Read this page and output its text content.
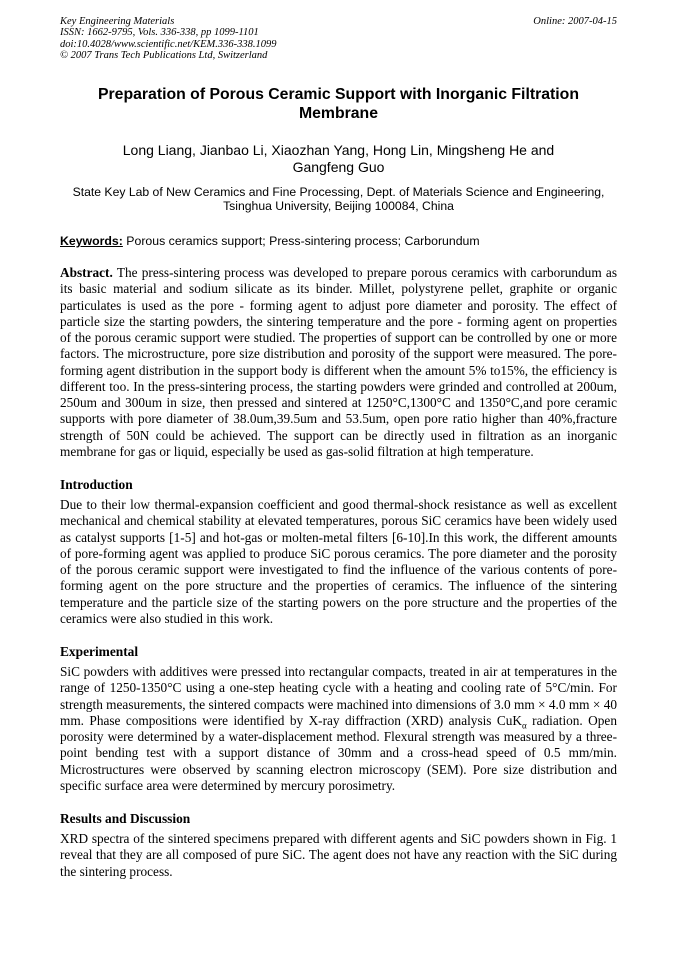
Key Engineering Materials
ISSN: 1662-9795, Vols. 336-338, pp 1099-1101
doi:10.4028/www.scientific.net/KEM.336-338.1099
© 2007 Trans Tech Publications Ltd, Switzerland
Online: 2007-04-15
Preparation of Porous Ceramic Support with Inorganic Filtration Membrane
Long Liang, Jianbao Li, Xiaozhan Yang, Hong Lin, Mingsheng He and Gangfeng Guo
State Key Lab of New Ceramics and Fine Processing, Dept. of Materials Science and Engineering, Tsinghua University, Beijing 100084, China

Keywords: Porous ceramics support; Press-sintering process; Carborundum

Abstract. The press-sintering process was developed to prepare porous ceramics with carborundum as its basic material and sodium silicate as its binder. Millet, polystyrene pellet, graphite or organic particulates is used as the pore - forming agent to adjust pore diameter and porosity. The effect of particle size the starting powders, the sintering temperature and the pore - forming agent on properties of the porous ceramic support were studied. The properties of support can be controlled by one or more factors. The microstructure, pore size distribution and porosity of the support were measured. The pore-forming agent distribution in the support body is different when the amount 5% to15%, the efficiency is different too. In the press-sintering process, the starting powders were grinded and controlled at 200um, 250um and 300um in size, then pressed and sintered at 1250°C,1300°C and 1350°C,and pore ceramic supports with pore diameter of 38.0um,39.5um and 53.5um, open pore ratio higher than 40%,fracture strength of 50N could be achieved. The support can be directly used in filtration as an inorganic membrane for gas or liquid, especially be used as gas-solid filtration at high temperature.

Introduction

Due to their low thermal-expansion coefficient and good thermal-shock resistance as well as excellent mechanical and chemical stability at elevated temperatures, porous SiC ceramics have been widely used as catalyst supports [1-5] and hot-gas or molten-metal filters [6-10].In this work, the different amounts of pore-forming agent was applied to produce SiC porous ceramics. The pore diameter and the porosity of the porous ceramic support were investigated to find the influence of the various contents of pore-forming agent on the pore structure and the properties of ceramics. The influence of the sintering temperature and the particle size of the starting powers on the pore structure and the properties of the ceramics were also studied in this work.

Experimental

SiC powders with additives were pressed into rectangular compacts, treated in air at temperatures in the range of 1250-1350°C using a one-step heating cycle with a heating and cooling rate of 5°C/min. For strength measurements, the sintered compacts were machined into dimensions of 3.0 mm × 4.0 mm × 40 mm. Phase compositions were identified by X-ray diffraction (XRD) analysis CuK$_\alpha$ radiation. Open porosity were determined by a water-displacement method. Flexural strength was measured by a three-point bending test with a support distance of 30mm and a cross-head speed of 0.5 mm/min. Microstructures were observed by scanning electron microscopy (SEM). Pore size distribution and specific surface area were determined by mercury porosimetry.

Results and Discussion

XRD spectra of the sintered specimens prepared with different agents and SiC powders shown in Fig. 1 reveal that they are all composed of pure SiC. The agent does not have any reaction with the SiC during the sintering process.
